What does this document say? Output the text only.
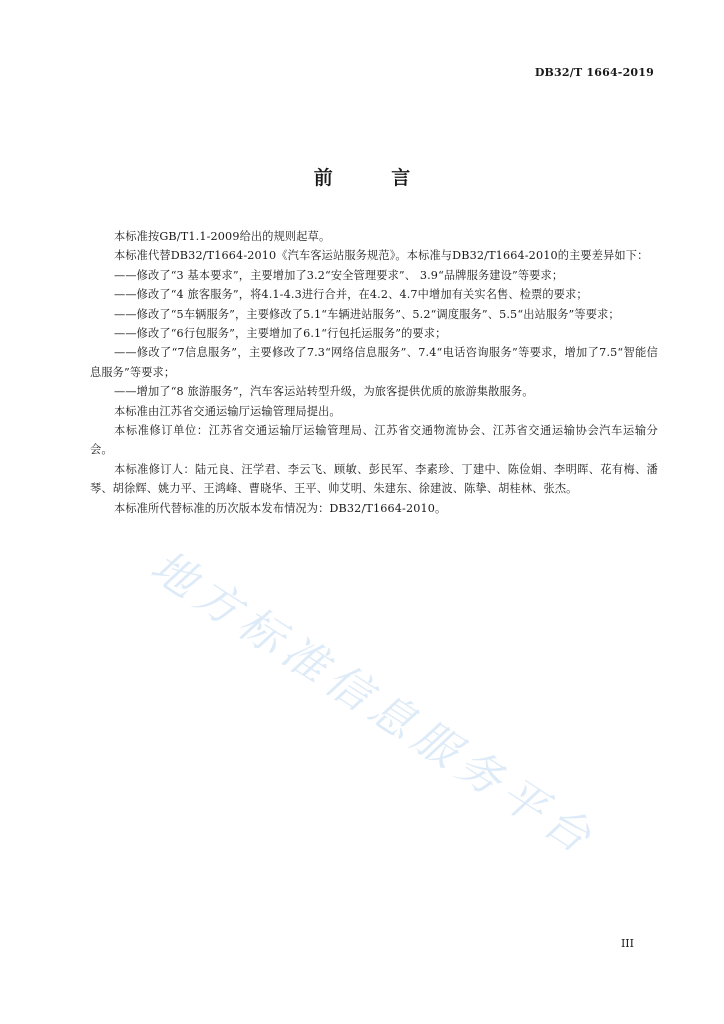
DB32/T 1664-2019
前 言

本标准按GB/T1.1-2009给出的规则起草。

本标准代替DB32/T1664-2010《汽车客运站服务规范》。本标准与DB32/T1664-2010的主要差异如下：

——修改了“3 基本要求”，主要增加了3.2“安全管理要求”、 3.9“品牌服务建设”等要求；

——修改了“4 旅客服务”，将4.1-4.3进行合并，在4.2、4.7中增加有关实名售、检票的要求；

——修改了“5车辆服务”，主要修改了5.1“车辆进站服务”、5.2“调度服务”、5.5“出站服务”等要求；

——修改了“6行包服务”，主要增加了6.1“行包托运服务”的要求；

——修改了“7信息服务”，主要修改了7.3“网络信息服务”、7.4“电话咨询服务”等要求，增加了7.5“智能信息服务”等要求；

——增加了“8 旅游服务”，汽车客运站转型升级，为旅客提供优质的旅游集散服务。

本标准由江苏省交通运输厅运输管理局提出。

本标准修订单位：江苏省交通运输厅运输管理局、江苏省交通物流协会、江苏省交通运输协会汽车运输分会。

本标准修订人：陆元良、汪学君、李云飞、顾敏、彭民军、李素珍、丁建中、陈俭娟、李明晖、花有梅、潘琴、胡徐辉、姚力平、王鸿峰、曹晓华、王平、帅艾明、朱建东、徐建波、陈挚、胡桂林、张杰。

本标准所代替标准的历次版本发布情况为：DB32/T1664-2010。

地方标准信息服务平台
III
